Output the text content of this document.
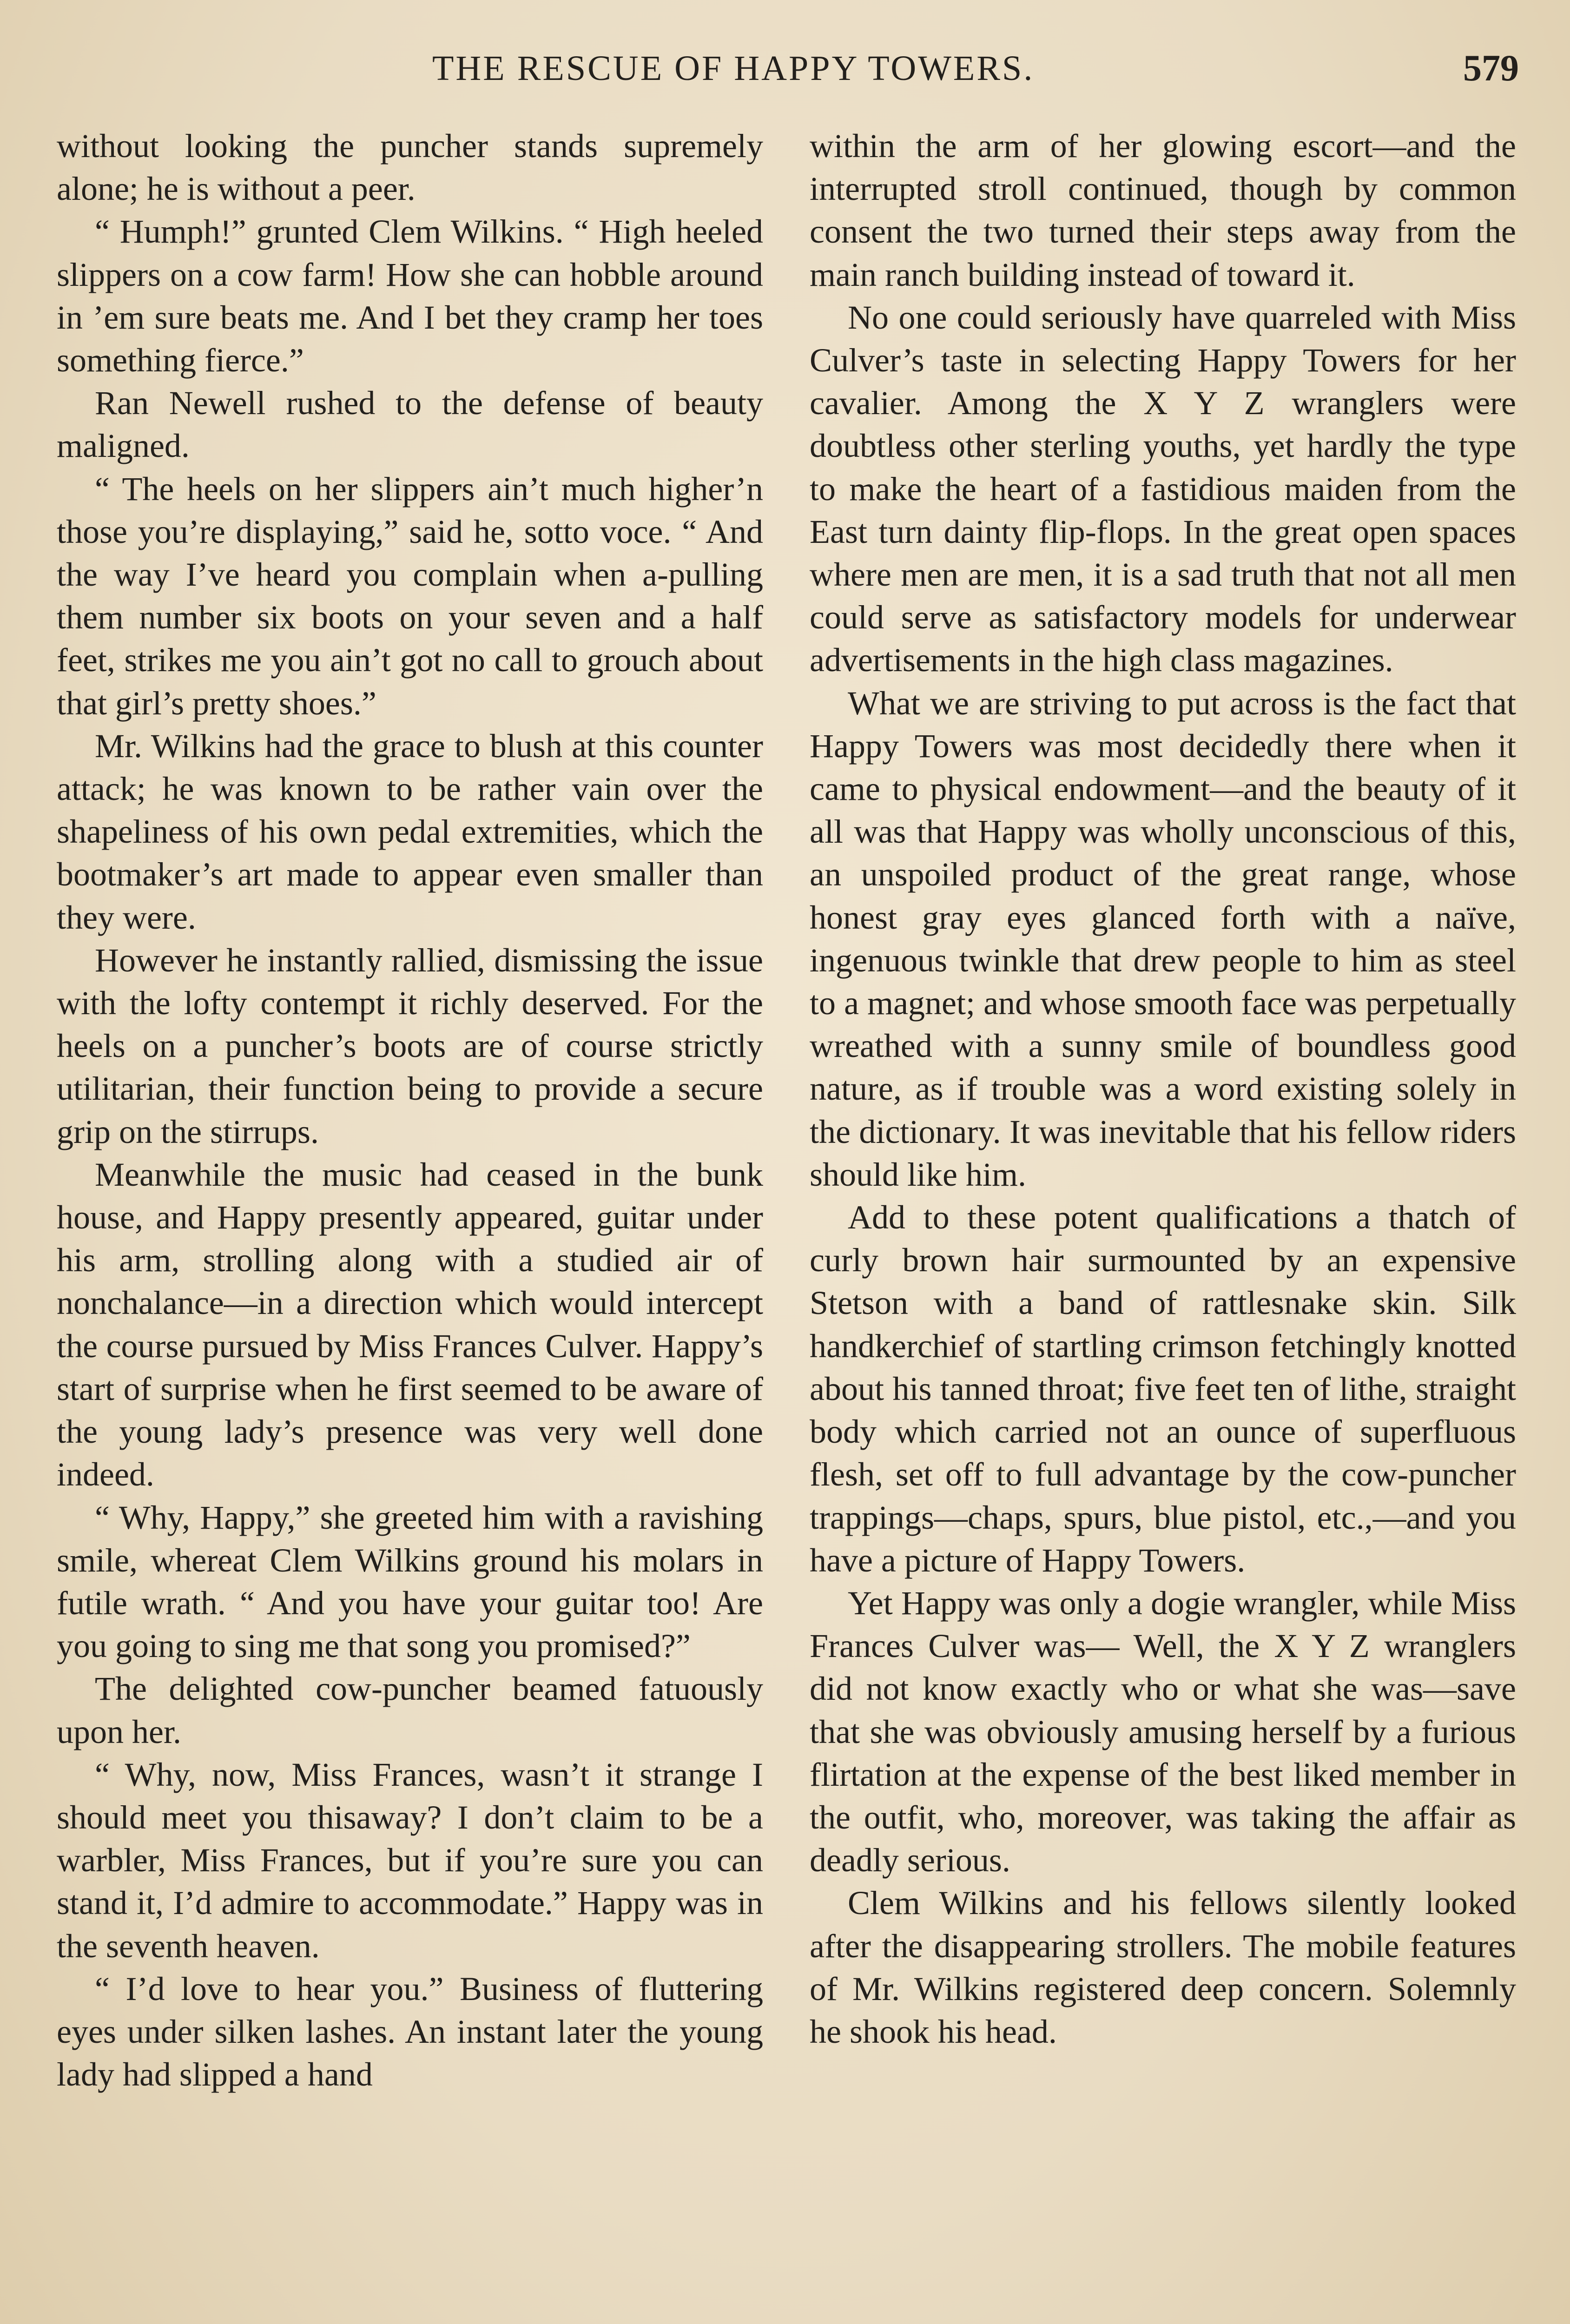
THE RESCUE OF HAPPY TOWERS.	579

without looking the puncher stands supremely alone; he is without a peer.

“ Humph!” grunted Clem Wilkins. “ High heeled slippers on a cow farm! How she can hobble around in ’em sure beats me. And I bet they cramp her toes something fierce.”

Ran Newell rushed to the defense of beauty maligned.

“ The heels on her slippers ain’t much higher’n those you’re displaying,” said he, sotto voce. “ And the way I’ve heard you complain when a-pulling them number six boots on your seven and a half feet, strikes me you ain’t got no call to grouch about that girl’s pretty shoes.”

Mr. Wilkins had the grace to blush at this counter attack; he was known to be rather vain over the shapeliness of his own pedal extremities, which the bootmaker’s art made to appear even smaller than they were.

However he instantly rallied, dismissing the issue with the lofty contempt it richly deserved. For the heels on a puncher’s boots are of course strictly utilitarian, their function being to provide a secure grip on the stirrups.

Meanwhile the music had ceased in the bunk house, and Happy presently appeared, guitar under his arm, strolling along with a studied air of nonchalance—in a direction which would intercept the course pursued by Miss Frances Culver. Happy’s start of surprise when he first seemed to be aware of the young lady’s presence was very well done indeed.

“ Why, Happy,” she greeted him with a ravishing smile, whereat Clem Wilkins ground his molars in futile wrath. “ And you have your guitar too! Are you going to sing me that song you promised?”

The delighted cow-puncher beamed fatuously upon her.

“ Why, now, Miss Frances, wasn’t it strange I should meet you thisaway? I don’t claim to be a warbler, Miss Frances, but if you’re sure you can stand it, I’d admire to accommodate.” Happy was in the seventh heaven.

“ I’d love to hear you.” Business of fluttering eyes under silken lashes. An instant later the young lady had slipped a hand

within the arm of her glowing escort—and the interrupted stroll continued, though by common consent the two turned their steps away from the main ranch building instead of toward it.

No one could seriously have quarreled with Miss Culver’s taste in selecting Happy Towers for her cavalier. Among the X Y Z wranglers were doubtless other sterling youths, yet hardly the type to make the heart of a fastidious maiden from the East turn dainty flip-flops. In the great open spaces where men are men, it is a sad truth that not all men could serve as satisfactory models for underwear advertisements in the high class magazines.

What we are striving to put across is the fact that Happy Towers was most decidedly there when it came to physical endowment—and the beauty of it all was that Happy was wholly unconscious of this, an unspoiled product of the great range, whose honest gray eyes glanced forth with a naïve, ingenuous twinkle that drew people to him as steel to a magnet; and whose smooth face was perpetually wreathed with a sunny smile of boundless good nature, as if trouble was a word existing solely in the dictionary. It was inevitable that his fellow riders should like him.

Add to these potent qualifications a thatch of curly brown hair surmounted by an expensive Stetson with a band of rattlesnake skin. Silk handkerchief of startling crimson fetchingly knotted about his tanned throat; five feet ten of lithe, straight body which carried not an ounce of superfluous flesh, set off to full advantage by the cow-puncher trappings—chaps, spurs, blue pistol, etc.,—and you have a picture of Happy Towers.

Yet Happy was only a dogie wrangler, while Miss Frances Culver was— Well, the X Y Z wranglers did not know exactly who or what she was—save that she was obviously amusing herself by a furious flirtation at the expense of the best liked member in the outfit, who, moreover, was taking the affair as deadly serious.

Clem Wilkins and his fellows silently looked after the disappearing strollers. The mobile features of Mr. Wilkins registered deep concern. Solemnly he shook his head.
